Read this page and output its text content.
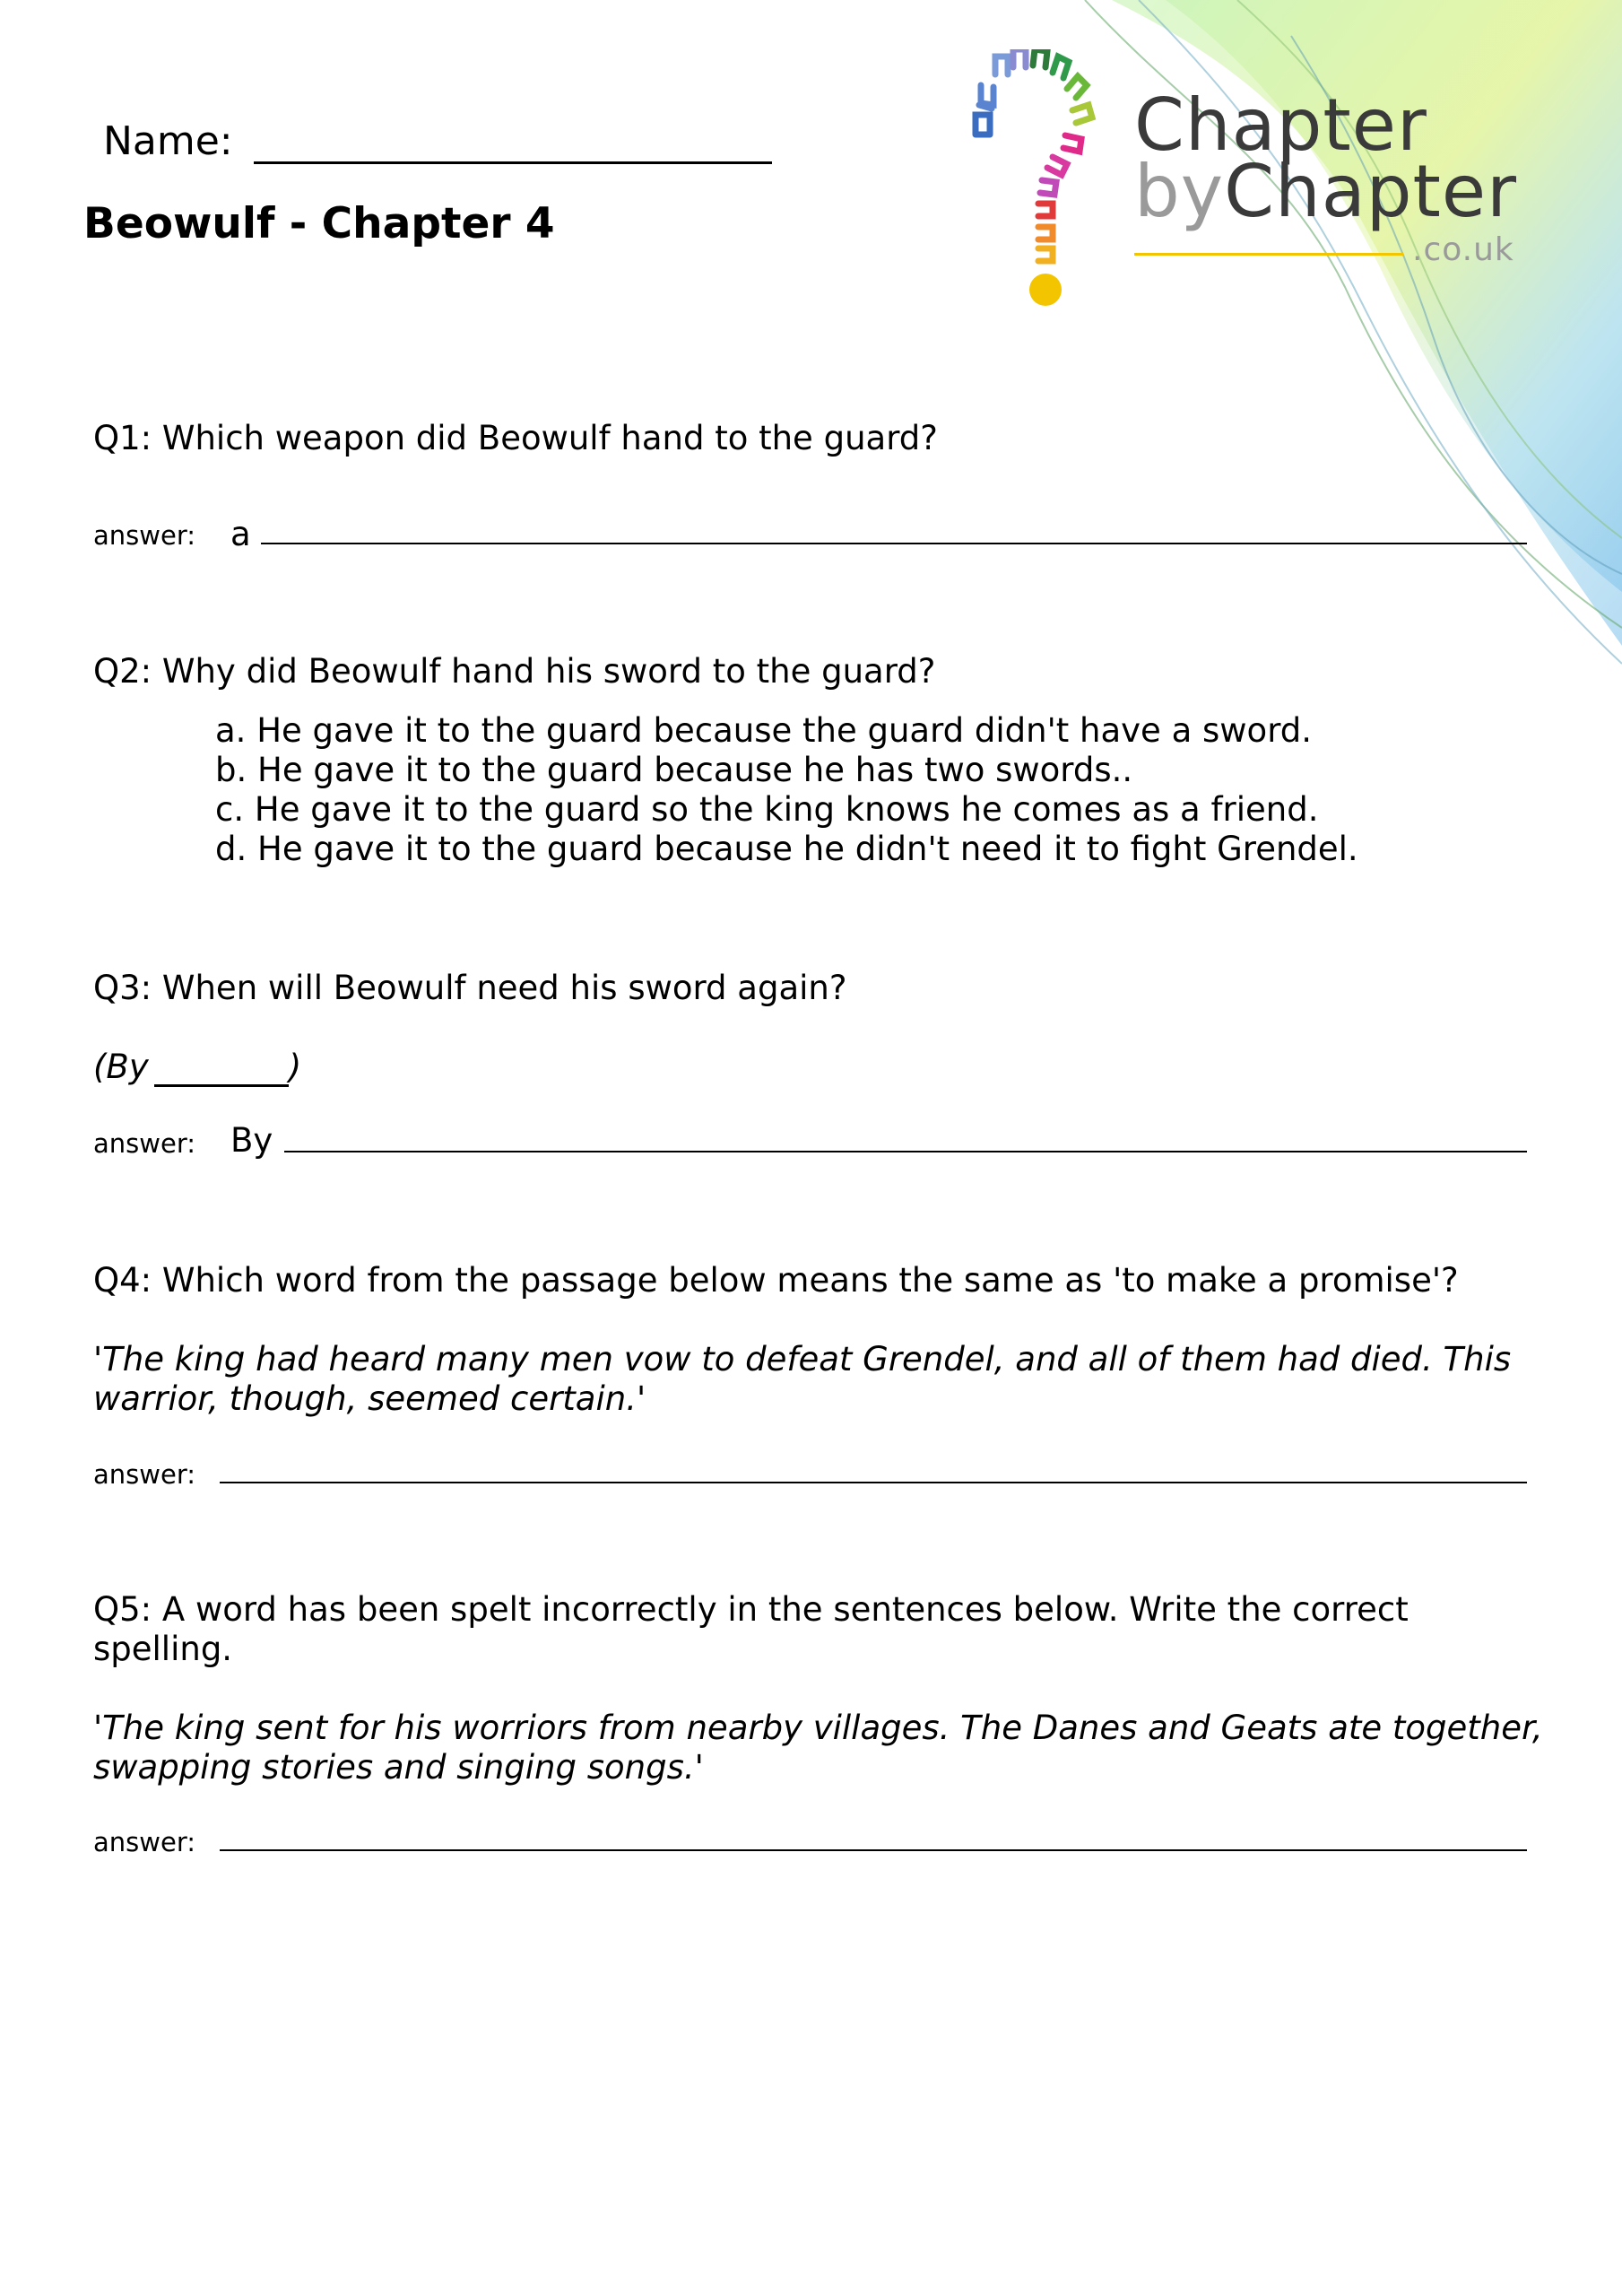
Chapter
byChapter
.co.uk
Name:
Beowulf - Chapter 4
Q1: Which weapon did Beowulf hand to the guard?
answer: a
Q2: Why did Beowulf hand his sword to the guard?
a. He gave it to the guard because the guard didn't have a sword.
b. He gave it to the guard because he has two swords..
c. He gave it to the guard so the king knows he comes as a friend.
d. He gave it to the guard because he didn't need it to fight Grendel.
Q3: When will Beowulf need his sword again?
(By	)
answer: By
Q4: Which word from the passage below means the same as 'to make a promise'?
'The king had heard many men vow to defeat Grendel, and all of them had died. This
warrior, though, seemed certain.'
answer:
Q5: A word has been spelt incorrectly in the sentences below. Write the correct
spelling.
'The king sent for his worriors from nearby villages. The Danes and Geats ate together,
swapping stories and singing songs.'
answer:
